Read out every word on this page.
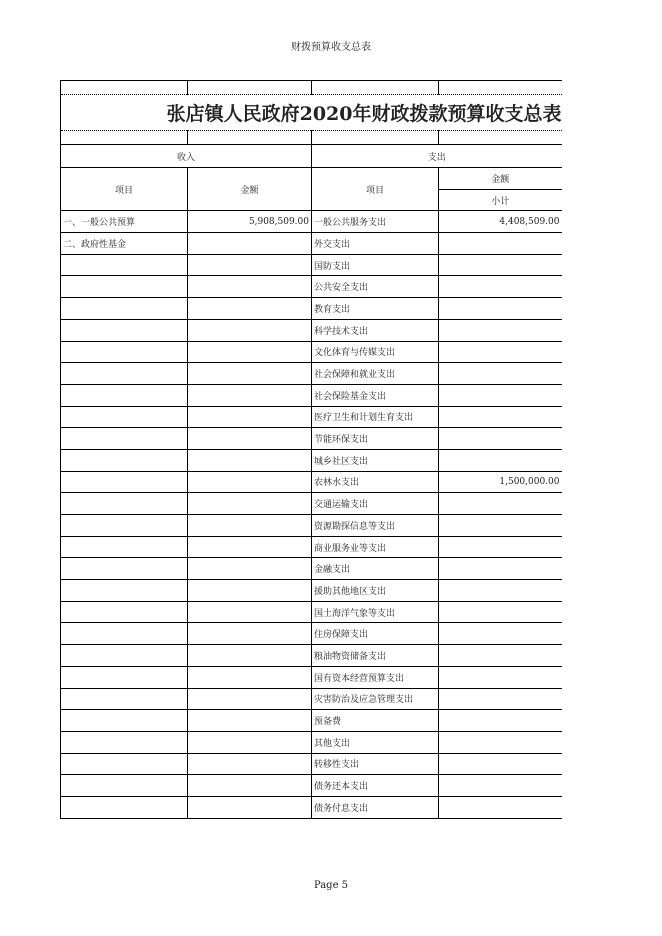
财拨预算收支总表

张店镇人民政府2020年财政拨款预算收支总表			

收入		支出	
项目	金额	项目	金额
			小计
一、一般公共预算	5,908,509.00	一般公共服务支出	4,408,509.00
二、政府性基金		外交支出	
		国防支出	
		公共安全支出	
		教育支出	
		科学技术支出	
		文化体育与传媒支出	
		社会保障和就业支出	
		社会保险基金支出	
		医疗卫生和计划生育支出	
		节能环保支出	
		城乡社区支出	
		农林水支出	1,500,000.00
		交通运输支出	
		资源勘探信息等支出	
		商业服务业等支出	
		金融支出	
		援助其他地区支出	
		国土海洋气象等支出	
		住房保障支出	
		粮油物资储备支出	
		国有资本经营预算支出	
		灾害防治及应急管理支出	
		预备费	
		其他支出	
		转移性支出	
		债务还本支出	
		债务付息支出	
Page 5
